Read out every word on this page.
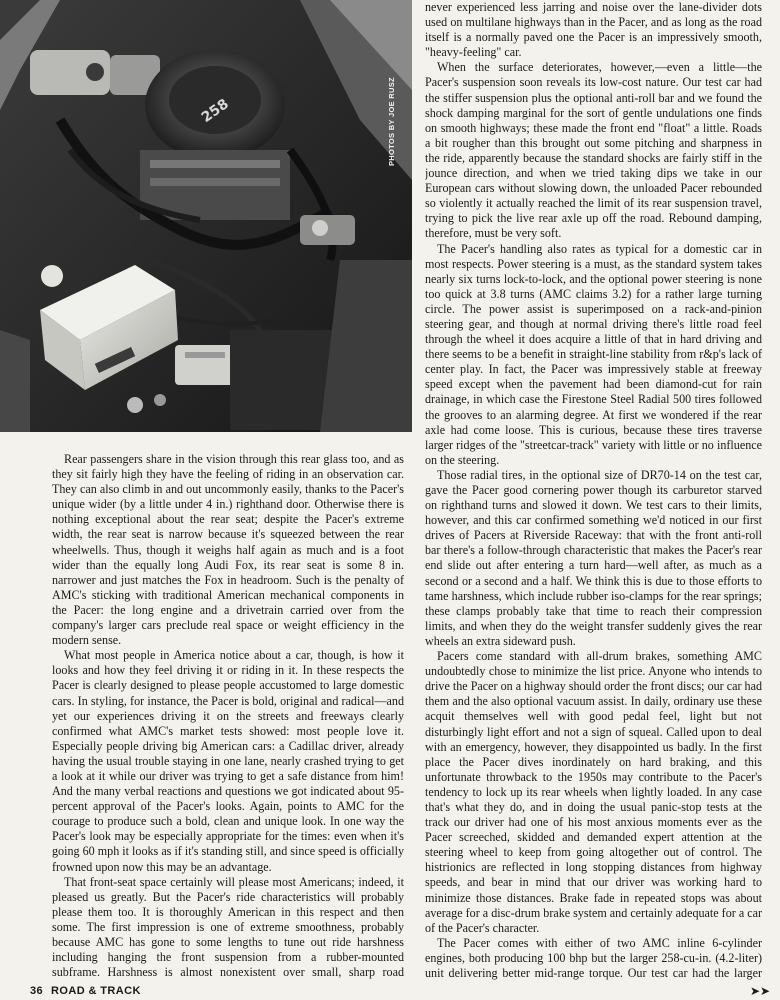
258	PHOTOS BY JOE RUSZ

Rear passengers share in the vision through this rear glass too, and as they sit fairly high they have the feeling of riding in an observation car. They can also climb in and out uncommonly easily, thanks to the Pacer's unique wider (by a little under 4 in.) righthand door. Otherwise there is nothing exceptional about the rear seat; despite the Pacer's extreme width, the rear seat is narrow because it's squeezed between the rear wheelwells. Thus, though it weighs half again as much and is a foot wider than the equally long Audi Fox, its rear seat is some 8 in. narrower and just matches the Fox in headroom. Such is the penalty of AMC's sticking with traditional American mechanical components in the Pacer: the long engine and a drivetrain carried over from the company's larger cars preclude real space or weight efficiency in the modern sense.

What most people in America notice about a car, though, is how it looks and how they feel driving it or riding in it. In these respects the Pacer is clearly designed to please people accustomed to large domestic cars. In styling, for instance, the Pacer is bold, original and radical—and yet our experiences driving it on the streets and freeways clearly confirmed what AMC's market tests showed: most people love it. Especially people driving big American cars: a Cadillac driver, already having the usual trouble staying in one lane, nearly crashed trying to get a look at it while our driver was trying to get a safe distance from him! And the many verbal reactions and questions we got indicated about 95-percent approval of the Pacer's looks. Again, points to AMC for the courage to produce such a bold, clean and unique look. In one way the Pacer's look may be especially appropriate for the times: even when it's going 60 mph it looks as if it's standing still, and since speed is officially frowned upon now this may be an advantage.

That front-seat space certainly will please most Americans; indeed, it pleased us greatly. But the Pacer's ride characteristics will probably please them too. It is thoroughly American in this respect and then some. The first impression is one of extreme smoothness, probably because AMC has gone to some lengths to tune out ride harshness including hanging the front suspension from a rubber-mounted subframe. Harshness is almost nonexistent over small, sharp road

never experienced less jarring and noise over the lane-divider dots used on multilane highways than in the Pacer, and as long as the road itself is a normally paved one the Pacer is an impressively smooth, "heavy-feeling" car.

When the surface deteriorates, however,—even a little—the Pacer's suspension soon reveals its low-cost nature. Our test car had the stiffer suspension plus the optional anti-roll bar and we found the shock damping marginal for the sort of gentle undulations one finds on smooth highways; these made the front end "float" a little. Roads a bit rougher than this brought out some pitching and sharpness in the ride, apparently because the standard shocks are fairly stiff in the jounce direction, and when we tried taking dips we take in our European cars without slowing down, the unloaded Pacer rebounded so violently it actually reached the limit of its rear suspension travel, trying to pick the live rear axle up off the road. Rebound damping, therefore, must be very soft.

The Pacer's handling also rates as typical for a domestic car in most respects. Power steering is a must, as the standard system takes nearly six turns lock-to-lock, and the optional power steering is none too quick at 3.8 turns (AMC claims 3.2) for a rather large turning circle. The power assist is superimposed on a rack-and-pinion steering gear, and though at normal driving there's little road feel through the wheel it does acquire a little of that in hard driving and there seems to be a benefit in straight-line stability from r&p's lack of center play. In fact, the Pacer was impressively stable at freeway speed except when the pavement had been diamond-cut for rain drainage, in which case the Firestone Steel Radial 500 tires followed the grooves to an alarming degree. At first we wondered if the rear axle had come loose. This is curious, because these tires traverse larger ridges of the "streetcar-track" variety with little or no influence on the steering.

Those radial tires, in the optional size of DR70-14 on the test car, gave the Pacer good cornering power though its carburetor starved on righthand turns and slowed it down. We test cars to their limits, however, and this car confirmed something we'd noticed in our first drives of Pacers at Riverside Raceway: that with the front anti-roll bar there's a follow-through characteristic that makes the Pacer's rear end slide out after entering a turn hard—well after, as much as a second or a second and a half. We think this is due to those efforts to tame harshness, which include rubber iso-clamps for the rear springs; these clamps probably take that time to reach their compression limits, and when they do the weight transfer suddenly gives the rear wheels an extra sideward push.

Pacers come standard with all-drum brakes, something AMC undoubtedly chose to minimize the list price. Anyone who intends to drive the Pacer on a highway should order the front discs; our car had them and the also optional vacuum assist. In daily, ordinary use these acquit themselves well with good pedal feel, light but not disturbingly light effort and not a sign of squeal. Called upon to deal with an emergency, however, they disappointed us badly. In the first place the Pacer dives inordinately on hard braking, and this unfortunate throwback to the 1950s may contribute to the Pacer's tendency to lock up its rear wheels when lightly loaded. In any case that's what they do, and in doing the usual panic-stop tests at the track our driver had one of his most anxious moments ever as the Pacer screeched, skidded and demanded expert attention at the steering wheel to keep from going altogether out of control. The histrionics are reflected in long stopping distances from highway speeds, and bear in mind that our driver was working hard to minimize those distances. Brake fade in repeated stops was about average for a disc-drum brake system and certainly adequate for a car of the Pacer's character.

The Pacer comes with either of two AMC inline 6-cylinder engines, both producing 100 bhp but the larger 258-cu-in. (4.2-liter) unit delivering better mid-range torque. Our test car had the larger

36 ROAD & TRACK	➤➤
